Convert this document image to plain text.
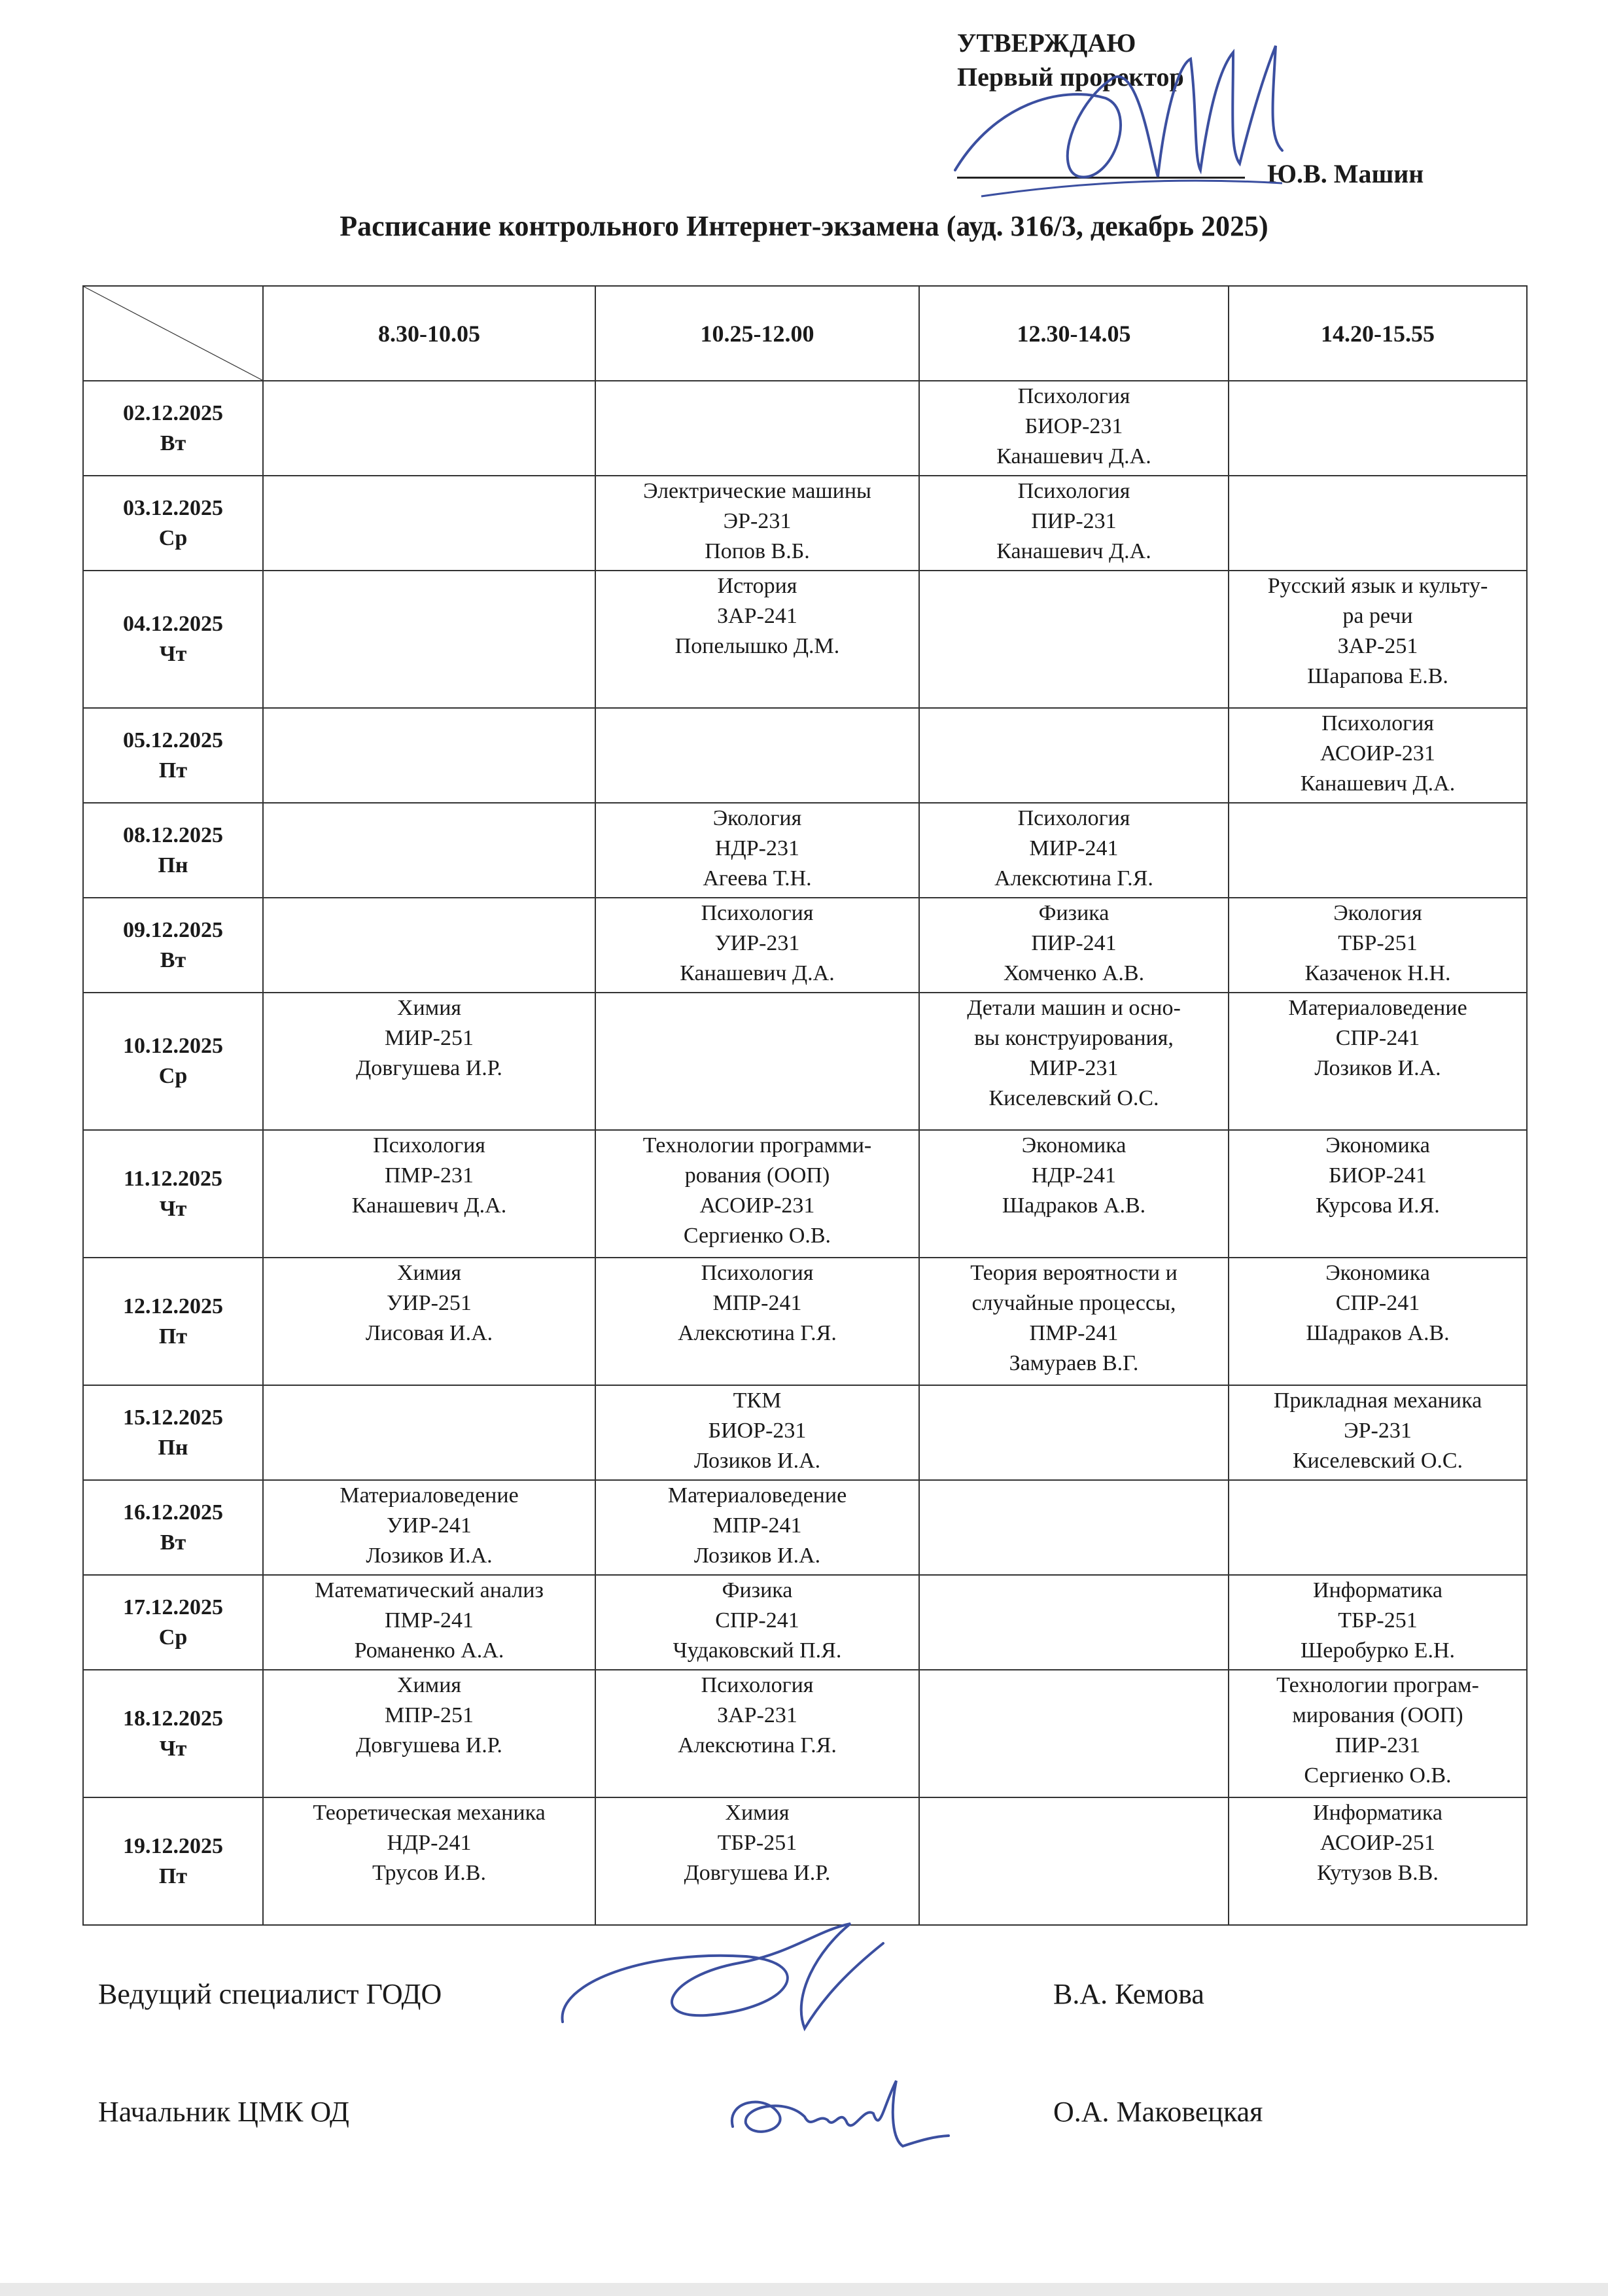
УТВЕРЖДАЮ
Первый проректор
Ю.В. Машин
Расписание контрольного Интернет-экзамена (ауд. 316/3, декабрь 2025)
	8.30-10.05	10.25-12.00	12.30-14.05	14.20-15.55

02.12.2025
Вт			Психология
БИОР-231
Канашевич Д.А.	

03.12.2025
Ср		Электрические машины
ЭР-231
Попов В.Б.	Психология
ПИР-231
Канашевич Д.А.	

04.12.2025
Чт		История
ЗАР-241
Попелышко Д.М.		Русский язык и культу-
ра речи
ЗАР-251
Шарапова Е.В.

05.12.2025
Пт				Психология
АСОИР-231
Канашевич Д.А.

08.12.2025
Пн		Экология
НДР-231
Агеева Т.Н.	Психология
МИР-241
Алексютина Г.Я.	

09.12.2025
Вт		Психология
УИР-231
Канашевич Д.А.	Физика
ПИР-241
Хомченко А.В.	Экология
ТБР-251
Казаченок Н.Н.

10.12.2025
Ср	Химия
МИР-251
Довгушева И.Р.		Детали машин и осно-
вы конструирования,
МИР-231
Киселевский О.С.	Материаловедение
СПР-241
Лозиков И.А.

11.12.2025
Чт	Психология
ПМР-231
Канашевич Д.А.	Технологии программи-
рования (ООП)
АСОИР-231
Сергиенко О.В.	Экономика
НДР-241
Шадраков А.В.	Экономика
БИОР-241
Курсова И.Я.

12.12.2025
Пт	Химия
УИР-251
Лисовая И.А.	Психология
МПР-241
Алексютина Г.Я.	Теория вероятности и
случайные процессы,
ПМР-241
Замураев В.Г.	Экономика
СПР-241
Шадраков А.В.

15.12.2025
Пн		ТКМ
БИОР-231
Лозиков И.А.		Прикладная механика
ЭР-231
Киселевский О.С.

16.12.2025
Вт	Материаловедение
УИР-241
Лозиков И.А.	Материаловедение
МПР-241
Лозиков И.А.		

17.12.2025
Ср	Математический анализ
ПМР-241
Романенко А.А.	Физика
СПР-241
Чудаковский П.Я.		Информатика
ТБР-251
Шеробурко Е.Н.

18.12.2025
Чт	Химия
МПР-251
Довгушева И.Р.	Психология
ЗАР-231
Алексютина Г.Я.		Технологии програм-
мирования (ООП)
ПИР-231
Сергиенко О.В.

19.12.2025
Пт	Теоретическая механика
НДР-241
Трусов И.В.	Химия
ТБР-251
Довгушева И.Р.		Информатика
АСОИР-251
Кутузов В.В.
Ведущий специалист ГОДО	В.А. Кемова
Начальник ЦМК ОД	О.А. Маковецкая
